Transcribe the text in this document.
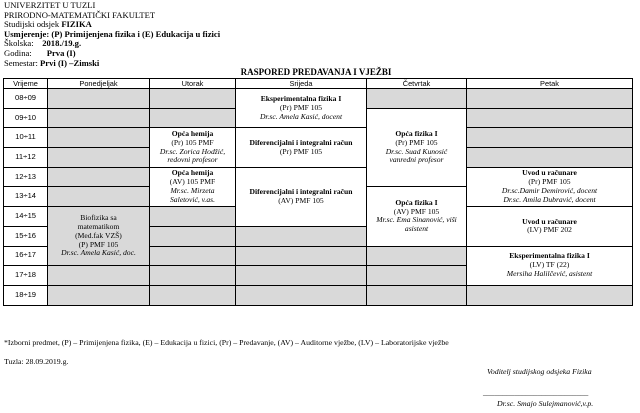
UNIVERZITET U TUZLI
PRIRODNO-MATEMATIČKI FAKULTET
Studijski odsjek FIZIKA
Usmjerenje: (P) Primijenjena fizika i (E) Edukacija u fizici
Školska: 2018./19.g.
Godina: Prva (I)
Semestar: Prvi (I) –Zimski
RASPORED PREDAVANJA I VJEŽBI
Vrijeme	Ponedjeljak	Utorak	Srijeda	Četvrtak	Petak
08÷09			Eksperimentalna fizika I
(Pr) PMF 105
Dr.sc. Amela Kasić, docent		

09÷10				Opća fizika I
(Pr) PMF 105
Dr.sc. Suad Kunosić
vanredni profesor	

10÷11		Opća hemija
(Pr) 105 PMF
Dr.sc. Zorica Hodžić,
redovni profesor	Diferencijalni i integralni račun
(Pr) PMF 105		

11÷12					
12÷13		Opća hemija
(AV) 105 PMF
Mr.sc. Mirzeta
Saletović, v.as.	Diferencijalni i integralni račun
(AV) PMF 105		Uvod u računare
(Pr) PMF 105
Dr.sc.Damir Demirović, docent
Dr.sc. Amila Dubravić, docent

13÷14				Opća fizika I
(AV) PMF 105
Mr.sc. Ema Sinanović, viši
asistent	

14÷15	Biofizika sa
matematikom
(Med.fak VZŠ)
(P) PMF 105
Dr.sc. Amela Kasić, doc.				Uvod u računare
(LV) PMF 202

15÷16					
16÷17					Eksperimentalna fizika I
(LV) TF (22)
Mersiha Halilčević, asistent

17÷18					
18÷19					
*Izborni predmet, (P) – Primijenjena fizika, (E) – Edukacija u fizici, (Pr) – Predavanje, (AV) – Auditorne vježbe, (LV) – Laboratorijske vježbe
Tuzla: 28.09.2019.g.
Voditelj studijskog odsjeka Fizika
___________________________
Dr.sc. Smajo Sulejmanović,v.p.
